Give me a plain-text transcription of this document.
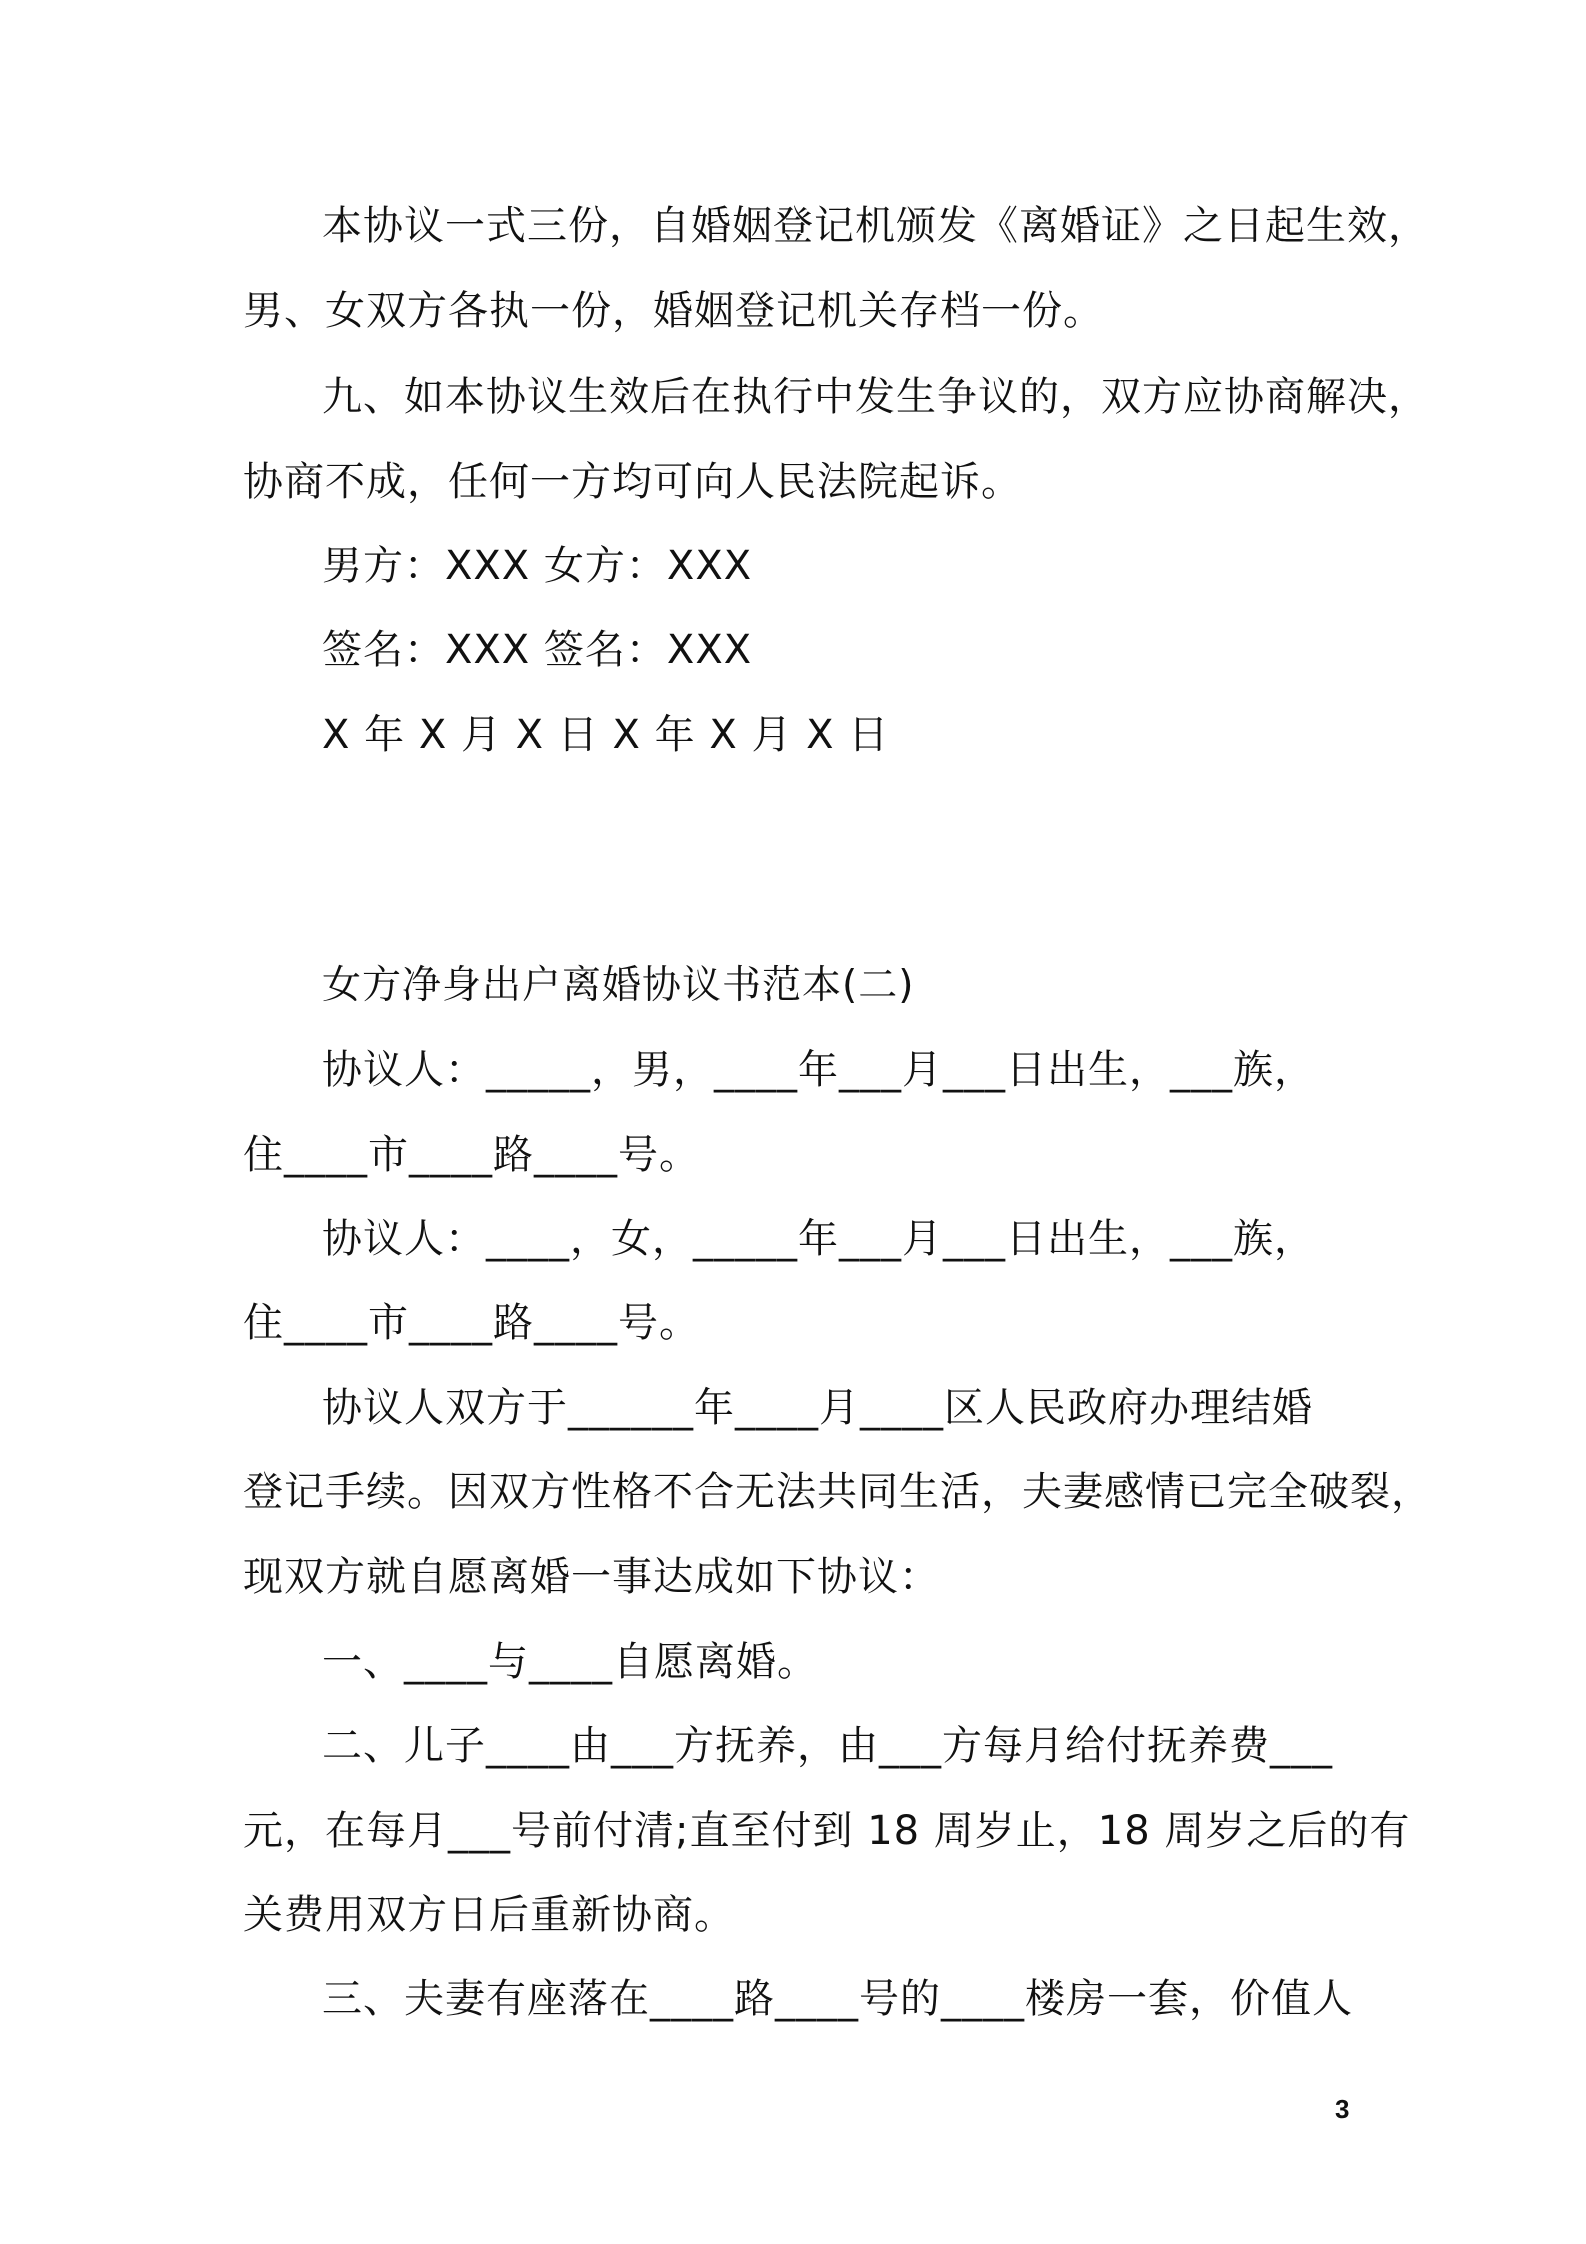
本协议一式三份，自婚姻登记机颁发《离婚证》之日起生效，
男、女双方各执一份，婚姻登记机关存档一份。
九、如本协议生效后在执行中发生争议的，双方应协商解决，
协商不成，任何一方均可向人民法院起诉。
男方：XXX 女方：XXX
签名：XXX 签名：XXX
X 年 X 月 X 日 X 年 X 月 X 日
女方净身出户离婚协议书范本(二)
协议人：_____，男，____年___月___日出生，___族，
住____市____路____号。
协议人：____，女，_____年___月___日出生，___族，
住____市____路____号。
协议人双方于______年____月____区人民政府办理结婚
登记手续。因双方性格不合无法共同生活，夫妻感情已完全破裂，
现双方就自愿离婚一事达成如下协议：
一、____与____自愿离婚。
二、儿子____由___方抚养，由___方每月给付抚养费___
元，在每月___号前付清;直至付到 18 周岁止，18 周岁之后的有
关费用双方日后重新协商。
三、夫妻有座落在____路____号的____楼房一套，价值人
3
